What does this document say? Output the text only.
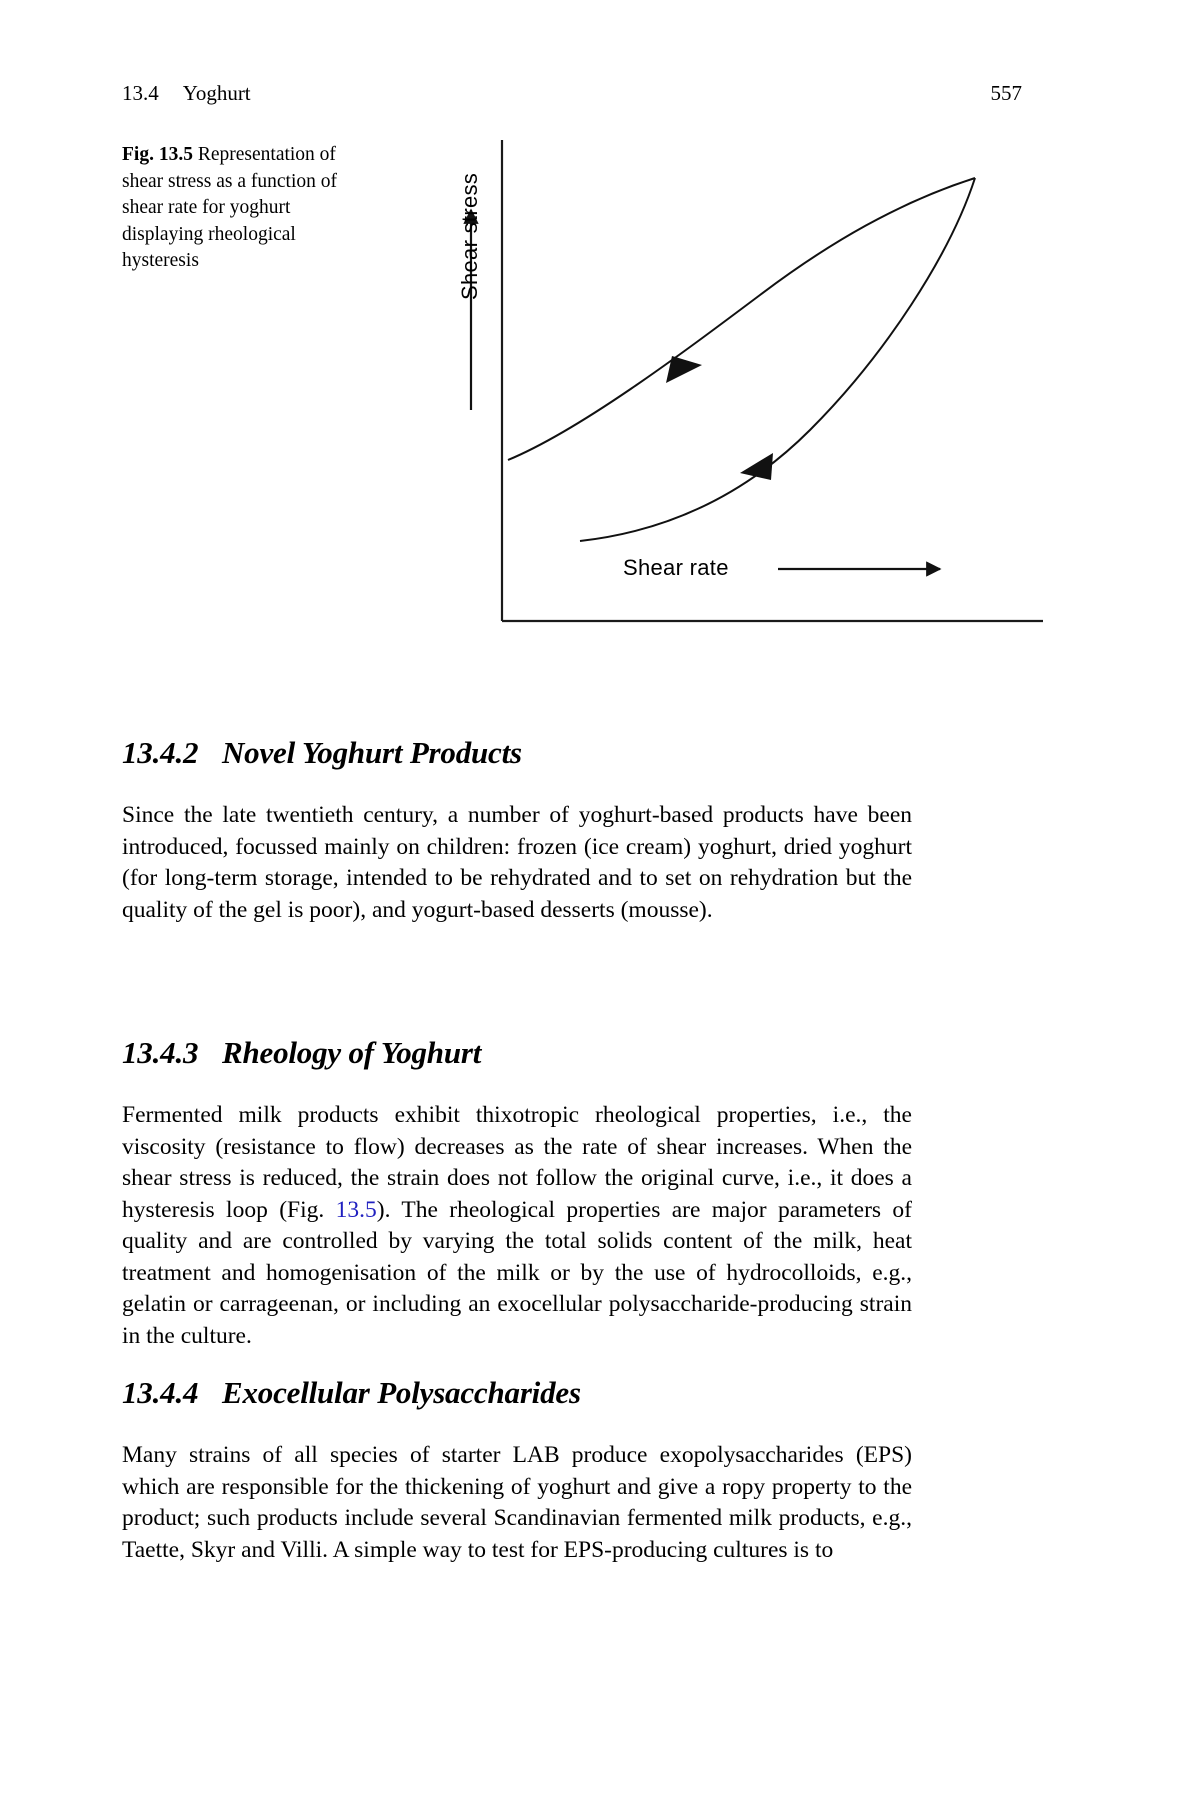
13.4 Yoghurt	557
Fig. 13.5 Representation of shear stress as a function of shear rate for yoghurt displaying rheological hysteresis	Shear stress
Shear rate
13.4.2 Novel Yoghurt Products
Since the late twentieth century, a number of yoghurt-based products have been introduced, focussed mainly on children: frozen (ice cream) yoghurt, dried yoghurt (for long-term storage, intended to be rehydrated and to set on rehydration but the quality of the gel is poor), and yogurt-based desserts (mousse).
13.4.3 Rheology of Yoghurt
Fermented milk products exhibit thixotropic rheological properties, i.e., the viscosity (resistance to flow) decreases as the rate of shear increases. When the shear stress is reduced, the strain does not follow the original curve, i.e., it does a hysteresis loop (Fig. 13.5). The rheological properties are major parameters of quality and are controlled by varying the total solids content of the milk, heat treatment and homogenisation of the milk or by the use of hydrocolloids, e.g., gelatin or carrageenan, or including an exocellular polysaccharide-producing strain in the culture.
13.4.4 Exocellular Polysaccharides
Many strains of all species of starter LAB produce exopolysaccharides (EPS) which are responsible for the thickening of yoghurt and give a ropy property to the product; such products include several Scandinavian fermented milk products, e.g., Taette, Skyr and Villi. A simple way to test for EPS-producing cultures is to
